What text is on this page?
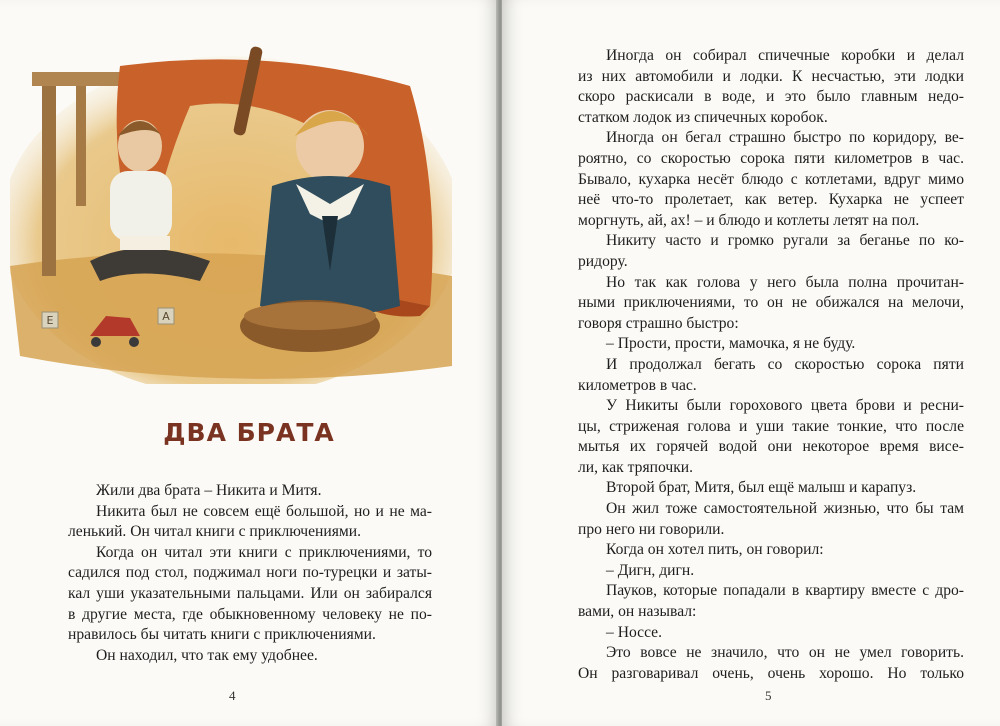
Е	А
ДВА БРАТА
Жили два брата – Никита и Митя.
Никита был не совсем ещё большой, но и не ма-
ленький. Он читал книги с приключениями.
Когда он читал эти книги с приключениями, то
садился под стол, поджимал ноги по-турецки и заты-
кал уши указательными пальцами. Или он забирался
в другие места, где обыкновенному человеку не по-
нравилось бы читать книги с приключениями.
Он находил, что так ему удобнее.
4
Иногда он собирал спичечные коробки и делал
из них автомобили и лодки. К несчастью, эти лодки
скоро раскисали в воде, и это было главным недо-
статком лодок из спичечных коробок.
Иногда он бегал страшно быстро по коридору, ве-
роятно, со скоростью сорока пяти километров в час.
Бывало, кухарка несёт блюдо с котлетами, вдруг мимо
неё что-то пролетает, как ветер. Кухарка не успеет
моргнуть, ай, ах! – и блюдо и котлеты летят на пол.
Никиту часто и громко ругали за беганье по ко-
ридору.
Но так как голова у него была полна прочитан-
ными приключениями, то он не обижался на мелочи,
говоря страшно быстро:
– Прости, прости, мамочка, я не буду.
И продолжал бегать со скоростью сорока пяти
километров в час.
У Никиты были горохового цвета брови и ресни-
цы, стриженая голова и уши такие тонкие, что после
мытья их горячей водой они некоторое время висе-
ли, как тряпочки.
Второй брат, Митя, был ещё малыш и карапуз.
Он жил тоже самостоятельной жизнью, что бы там
про него ни говорили.
Когда он хотел пить, он говорил:
– Дигн, дигн.
Пауков, которые попадали в квартиру вместе с дро-
вами, он называл:
– Носсе.
Это вовсе не значило, что он не умел говорить.
Он разговаривал очень, очень хорошо. Но только
5
